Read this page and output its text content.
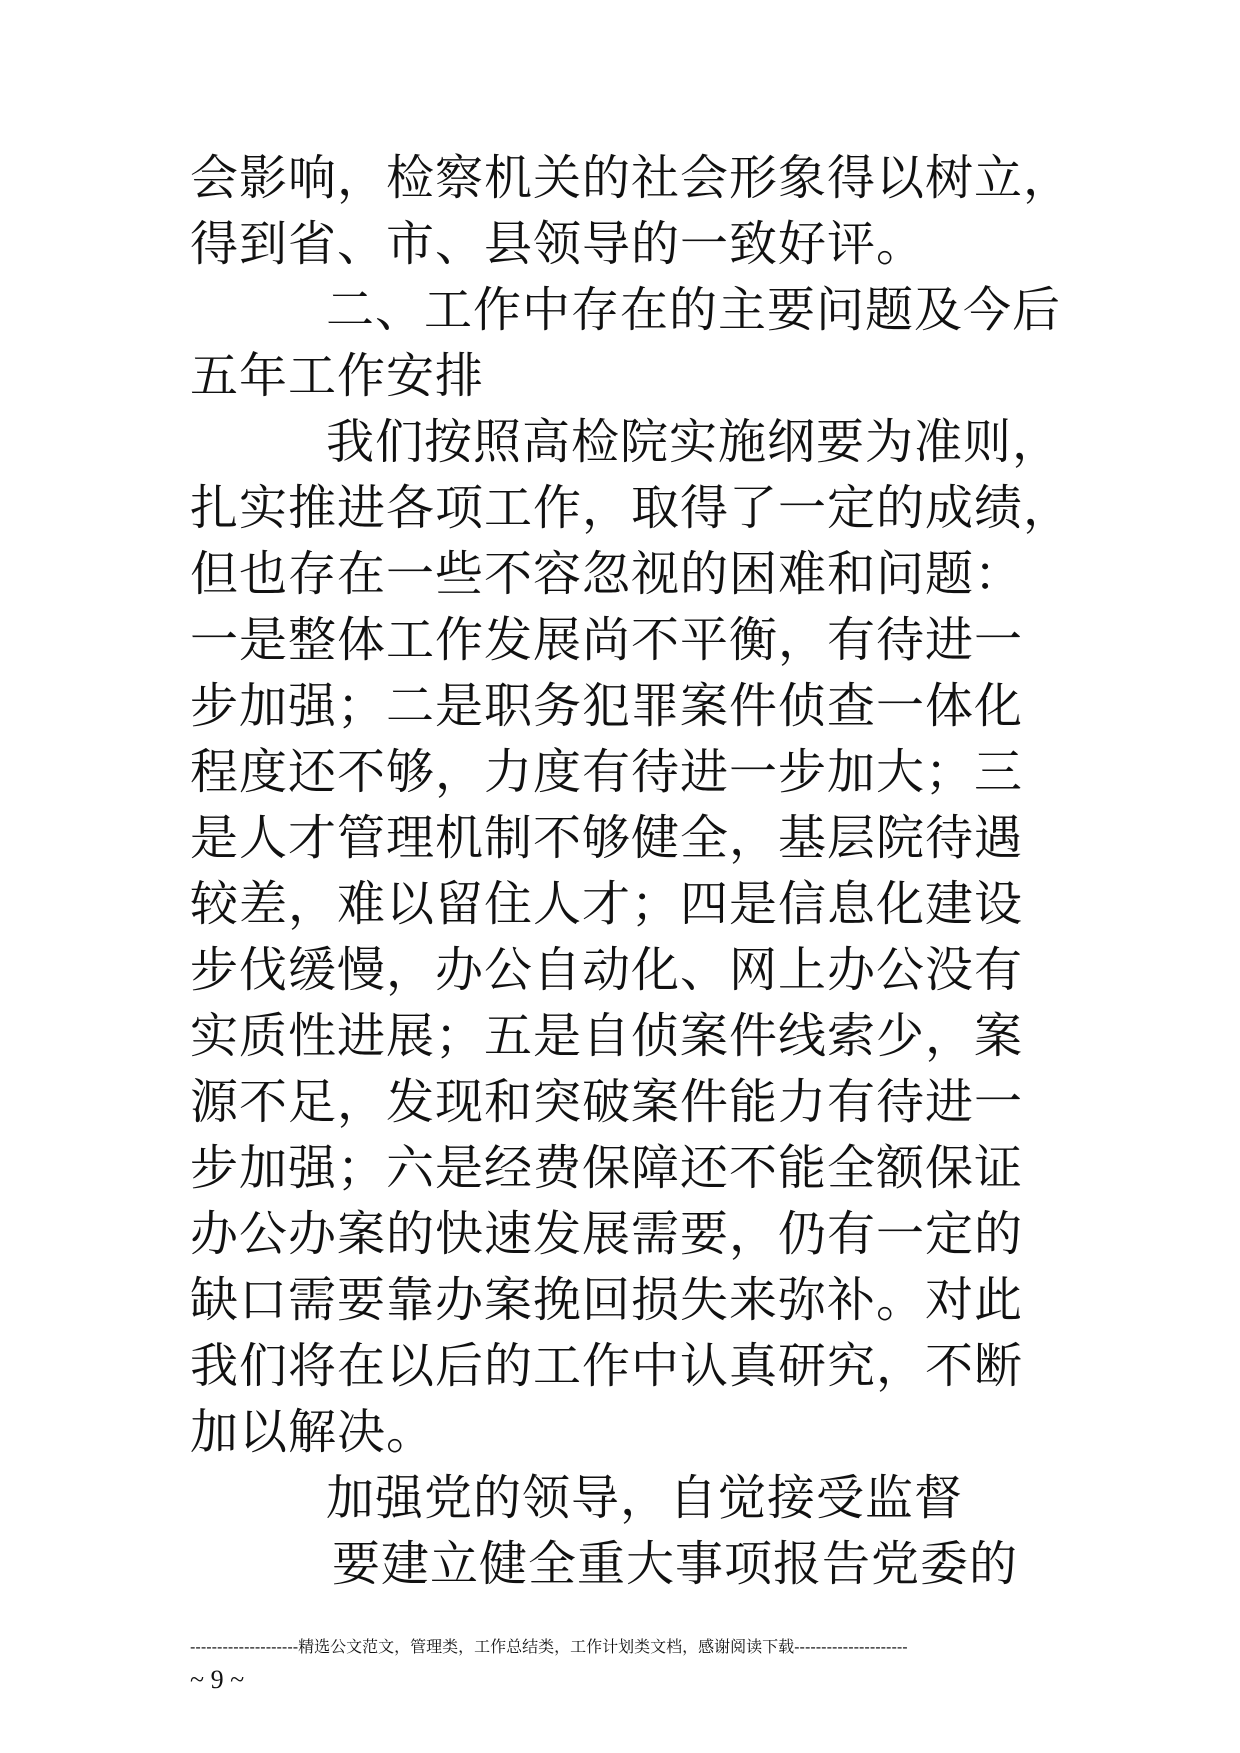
会影响，检察机关的社会形象得以树立，
得到省、市、县领导的一致好评。
二、工作中存在的主要问题及今后
五年工作安排
我们按照高检院实施纲要为准则，
扎实推进各项工作，取得了一定的成绩，
但也存在一些不容忽视的困难和问题：
一是整体工作发展尚不平衡，有待进一
步加强；二是职务犯罪案件侦查一体化
程度还不够，力度有待进一步加大；三
是人才管理机制不够健全，基层院待遇
较差，难以留住人才；四是信息化建设
步伐缓慢，办公自动化、网上办公没有
实质性进展；五是自侦案件线索少，案
源不足，发现和突破案件能力有待进一
步加强；六是经费保障还不能全额保证
办公办案的快速发展需要，仍有一定的
缺口需要靠办案挽回损失来弥补。对此
我们将在以后的工作中认真研究，不断
加以解决。
加强党的领导，自觉接受监督
要建立健全重大事项报告党委的
--------------------精选公文范文，管理类，工作总结类，工作计划类文档，感谢阅读下载---------------------
~ 9 ~
